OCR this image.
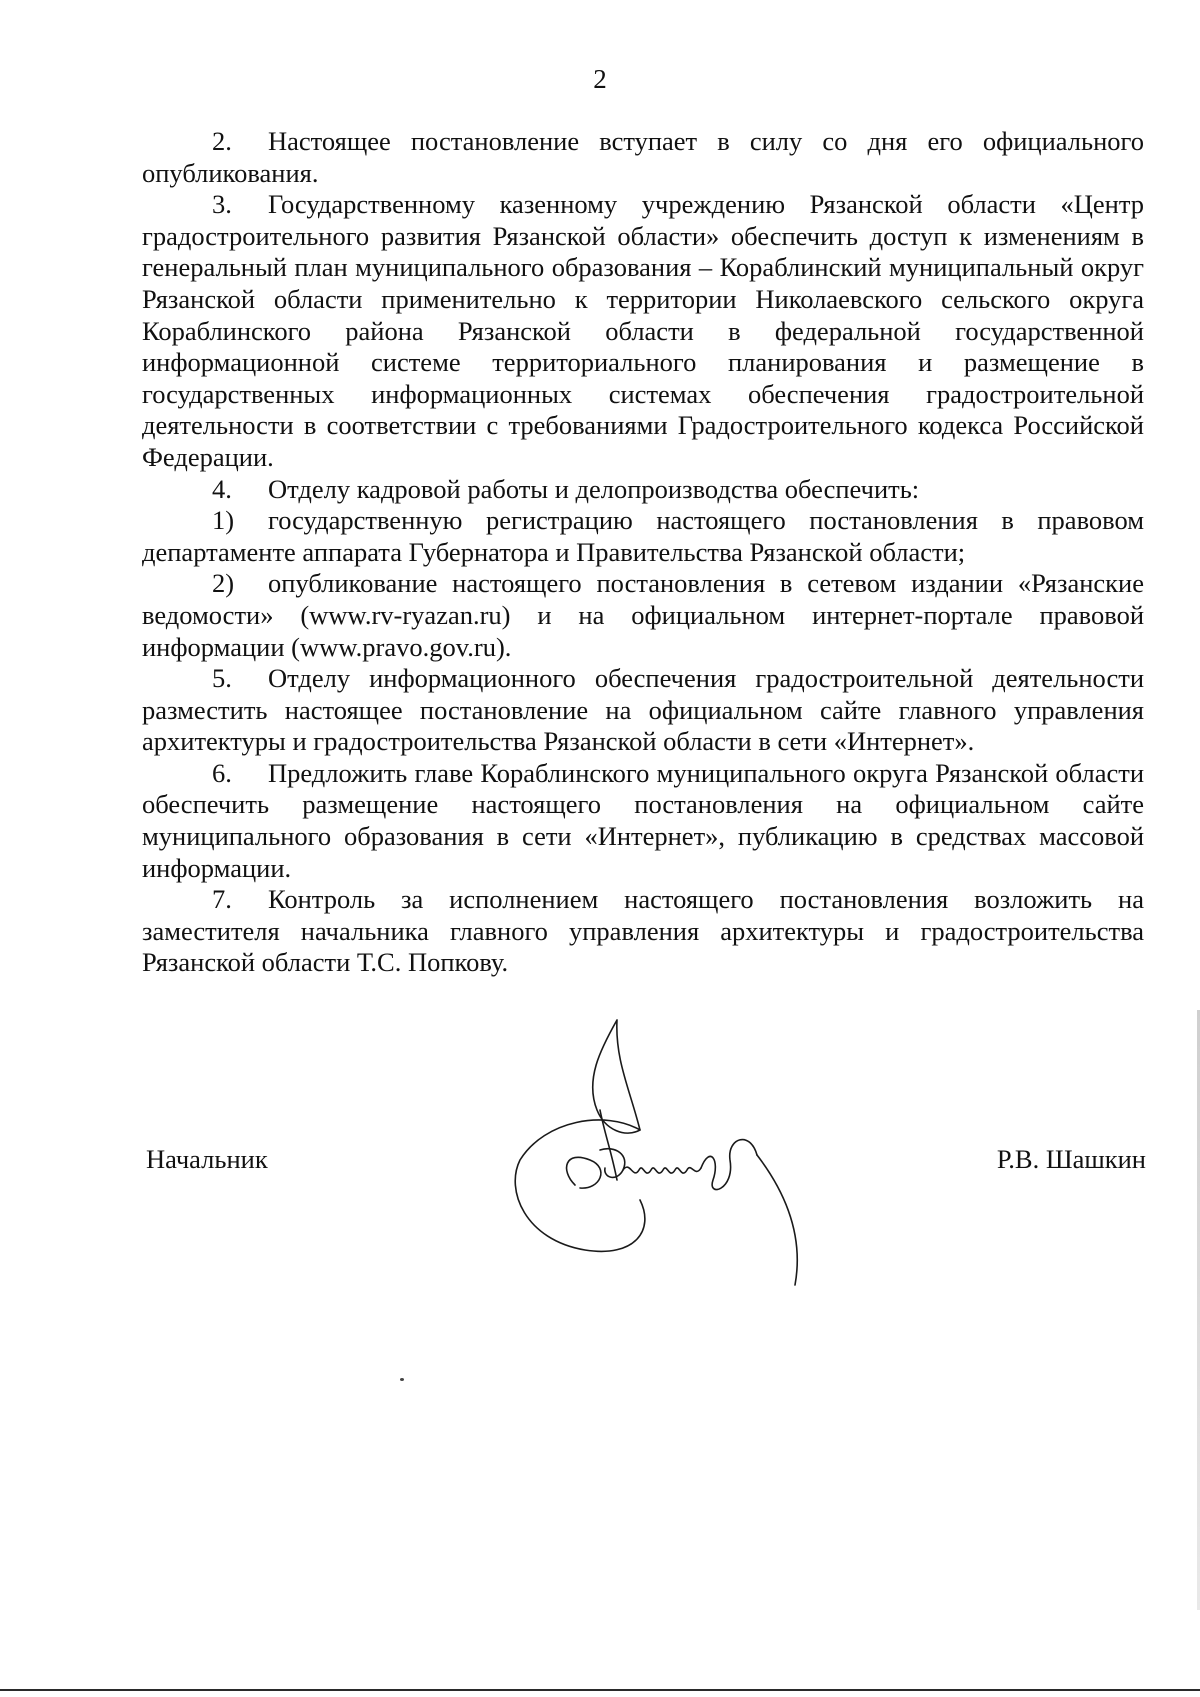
2

2. Настоящее постановление вступает в силу со дня его официального опубликования.

3. Государственному казенному учреждению Рязанской области «Центр градостроительного развития Рязанской области» обеспечить доступ к изменениям в генеральный план муниципального образования – Кораблинский муниципальный округ Рязанской области применительно к территории Николаевского сельского округа Кораблинского района Рязанской области в федеральной государственной информационной системе территориального планирования и размещение в государственных информационных системах обеспечения градостроительной деятельности в соответствии с требованиями Градостроительного кодекса Российской Федерации.

4. Отделу кадровой работы и делопроизводства обеспечить:

1) государственную регистрацию настоящего постановления в правовом департаменте аппарата Губернатора и Правительства Рязанской области;

2) опубликование настоящего постановления в сетевом издании «Рязанские ведомости» (www.rv-ryazan.ru) и на официальном интернет-портале правовой информации (www.pravo.gov.ru).

5. Отделу информационного обеспечения градостроительной деятельности разместить настоящее постановление на официальном сайте главного управления архитектуры и градостроительства Рязанской области в сети «Интернет».

6. Предложить главе Кораблинского муниципального округа Рязанской области обеспечить размещение настоящего постановления на официальном сайте муниципального образования в сети «Интернет», публикацию в средствах массовой информации.

7. Контроль за исполнением настоящего постановления возложить на заместителя начальника главного управления архитектуры и градостроительства Рязанской области Т.С. Попкову.

Начальник	Р.В. Шашкин
